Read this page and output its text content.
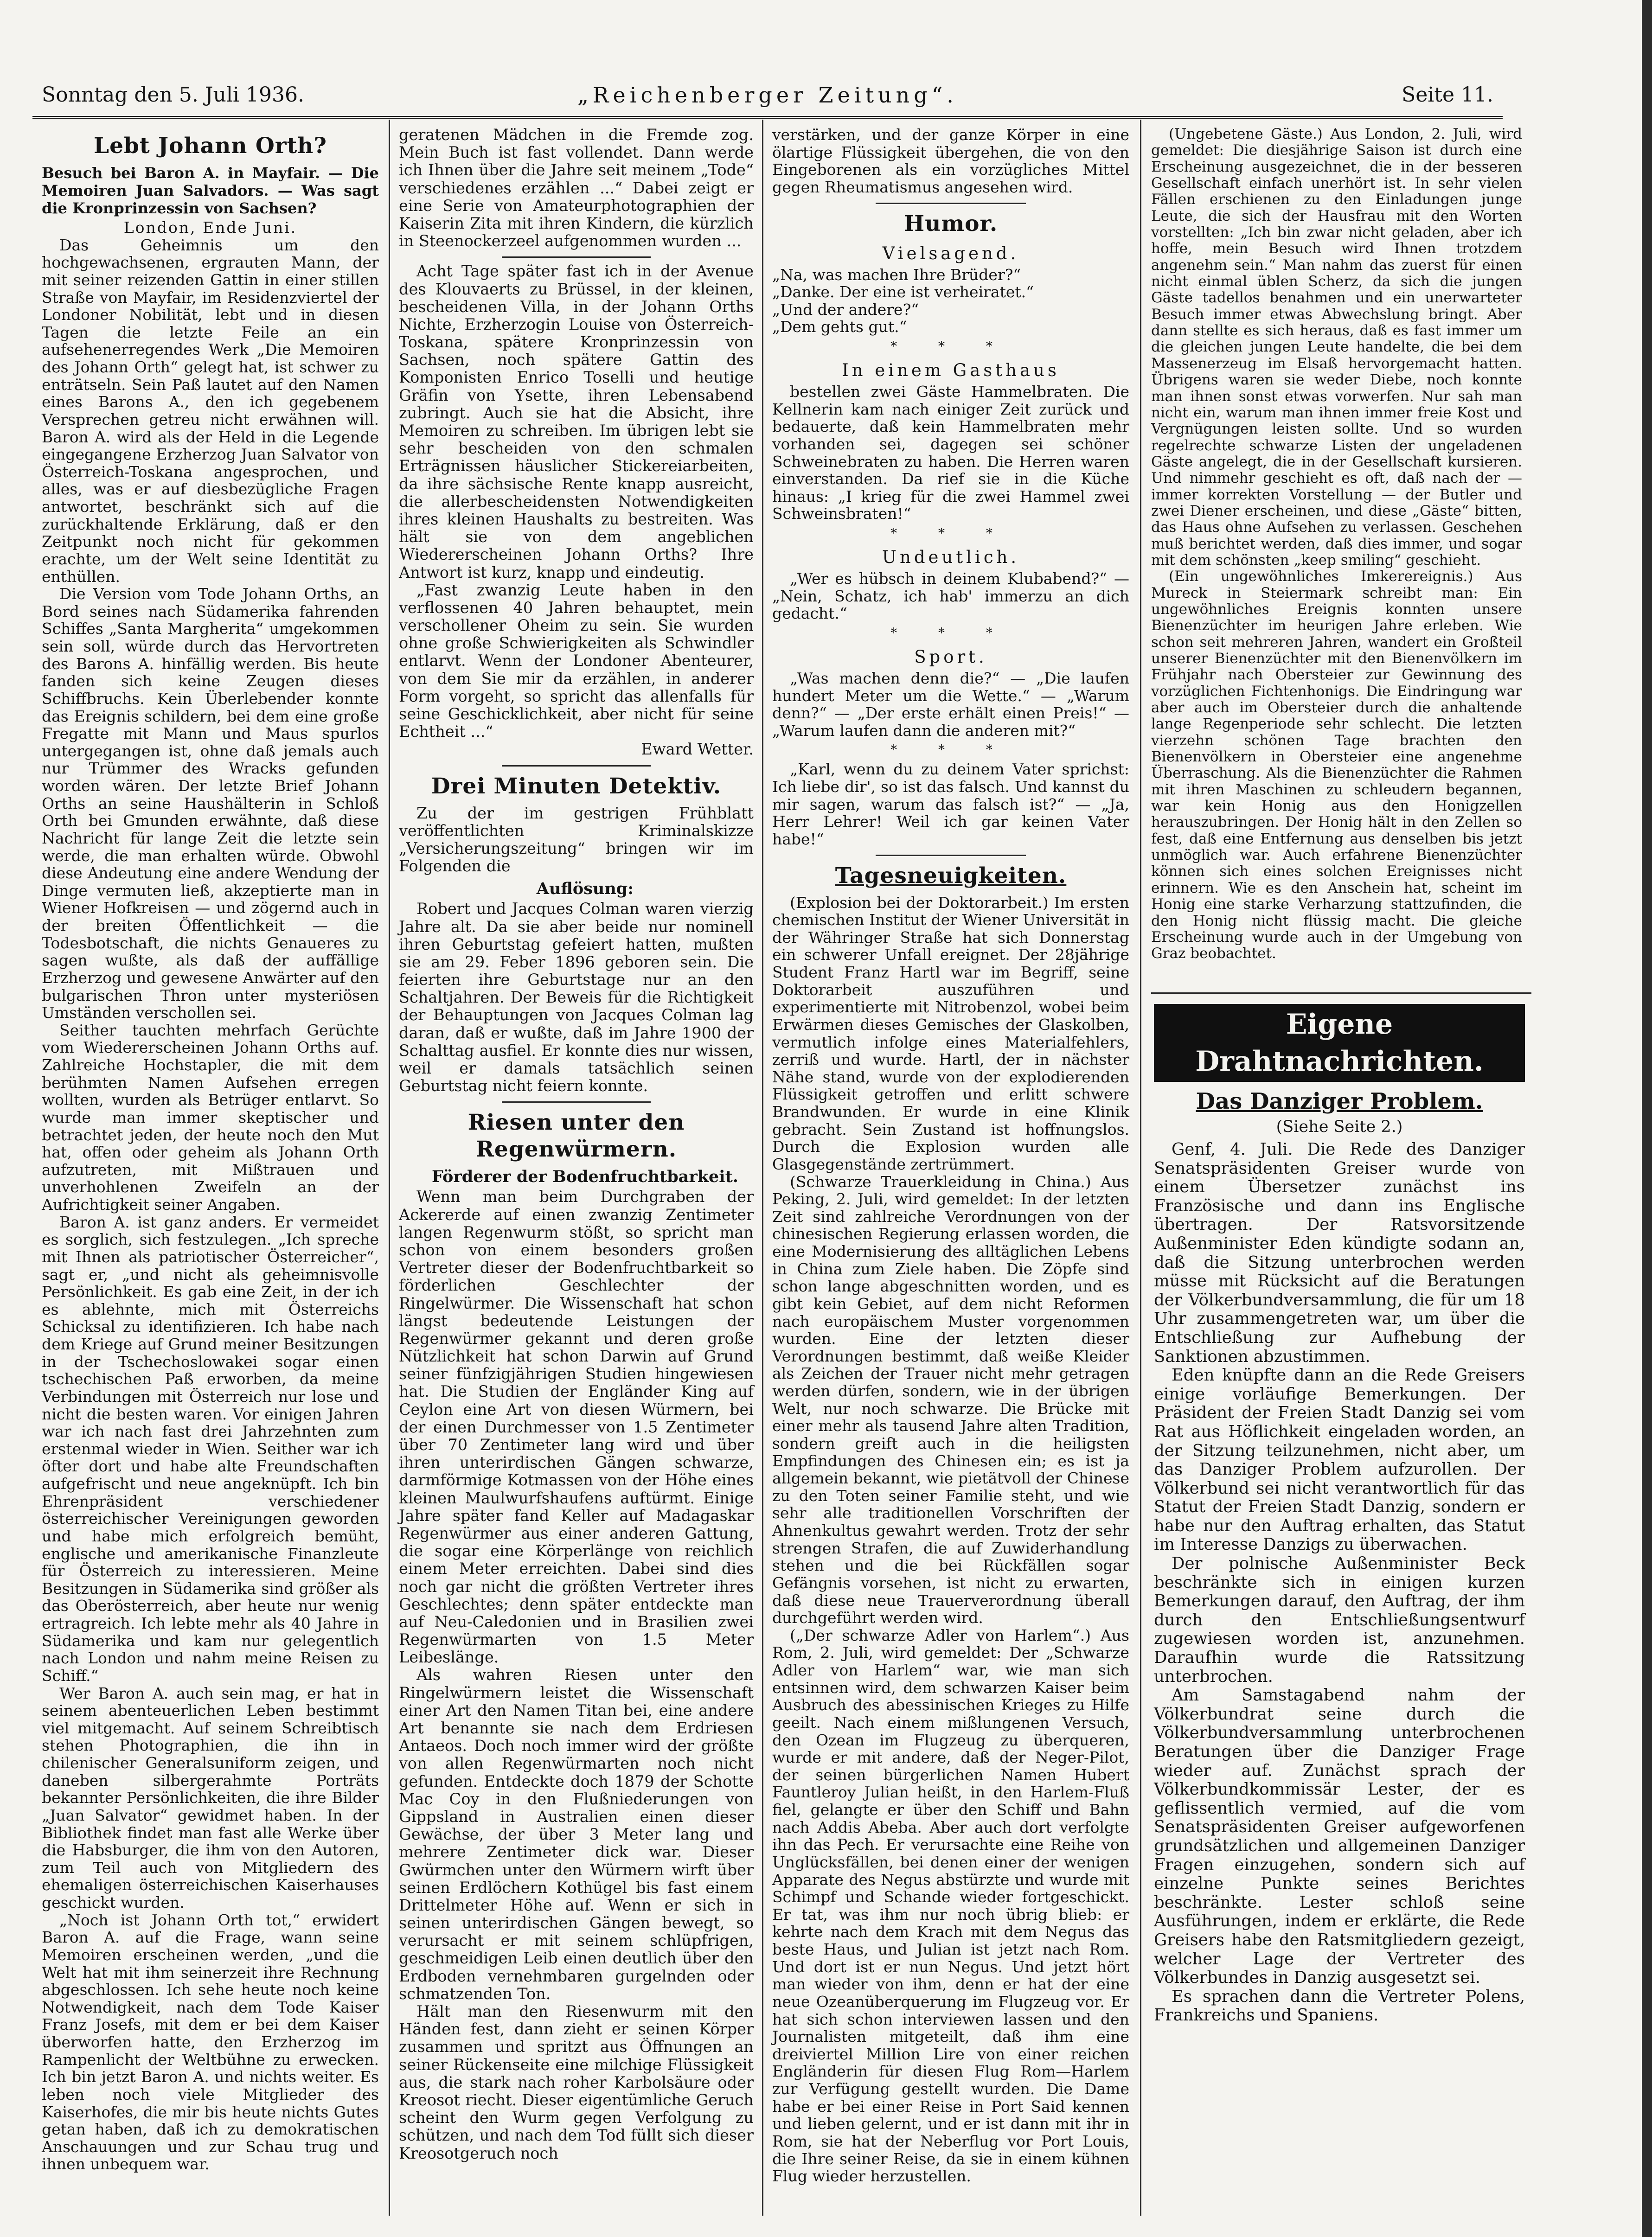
Sonntag den 5. Juli 1936.	„Reichenberger Zeitung“.	Seite 11.
Lebt Johann Orth?

Besuch bei Baron A. in Mayfair. — Die Memoiren Juan Salvadors. — Was sagt die Kronprinzessin von Sachsen?

London, Ende Juni.

Das Geheimnis um den hochgewachsenen, ergrauten Mann, der mit seiner reizenden Gattin in einer stillen Straße von Mayfair, im Residenzviertel der Londoner Nobilität, lebt und in diesen Tagen die letzte Feile an ein aufsehenerregendes Werk „Die Memoiren des Johann Orth“ gelegt hat, ist schwer zu enträtseln. Sein Paß lautet auf den Namen eines Barons A., den ich gegebenem Versprechen getreu nicht erwähnen will. Baron A. wird als der Held in die Legende eingegangene Erzherzog Juan Salvator von Österreich-Toskana angesprochen, und alles, was er auf diesbezügliche Fragen antwortet, beschränkt sich auf die zurückhaltende Erklärung, daß er den Zeitpunkt noch nicht für gekommen erachte, um der Welt seine Identität zu enthüllen.

Die Version vom Tode Johann Orths, an Bord seines nach Südamerika fahrenden Schiffes „Santa Margherita“ umgekommen sein soll, würde durch das Hervortreten des Barons A. hinfällig werden. Bis heute fanden sich keine Zeugen dieses Schiffbruchs. Kein Überlebender konnte das Ereignis schildern, bei dem eine große Fregatte mit Mann und Maus spurlos untergegangen ist, ohne daß jemals auch nur Trümmer des Wracks gefunden worden wären. Der letzte Brief Johann Orths an seine Haushälterin in Schloß Orth bei Gmunden erwähnte, daß diese Nachricht für lange Zeit die letzte sein werde, die man erhalten würde. Obwohl diese Andeutung eine andere Wendung der Dinge vermuten ließ, akzeptierte man in Wiener Hofkreisen — und zögernd auch in der breiten Öffentlichkeit — die Todesbotschaft, die nichts Genaueres zu sagen wußte, als daß der auffällige Erzherzog und gewesene Anwärter auf den bulgarischen Thron unter mysteriösen Umständen verschollen sei.

Seither tauchten mehrfach Gerüchte vom Wiedererscheinen Johann Orths auf. Zahlreiche Hochstapler, die mit dem berühmten Namen Aufsehen erregen wollten, wurden als Betrüger entlarvt. So wurde man immer skeptischer und betrachtet jeden, der heute noch den Mut hat, offen oder geheim als Johann Orth aufzutreten, mit Mißtrauen und unverhohlenen Zweifeln an der Aufrichtigkeit seiner Angaben.

Baron A. ist ganz anders. Er vermeidet es sorglich, sich festzulegen. „Ich spreche mit Ihnen als patriotischer Österreicher“, sagt er, „und nicht als geheimnisvolle Persönlichkeit. Es gab eine Zeit, in der ich es ablehnte, mich mit Österreichs Schicksal zu identifizieren. Ich habe nach dem Kriege auf Grund meiner Besitzungen in der Tschechoslowakei sogar einen tschechischen Paß erworben, da meine Verbindungen mit Österreich nur lose und nicht die besten waren. Vor einigen Jahren war ich nach fast drei Jahrzehnten zum erstenmal wieder in Wien. Seither war ich öfter dort und habe alte Freundschaften aufgefrischt und neue angeknüpft. Ich bin Ehrenpräsident verschiedener österreichischer Vereinigungen geworden und habe mich erfolgreich bemüht, englische und amerikanische Finanzleute für Österreich zu interessieren. Meine Besitzungen in Südamerika sind größer als das Oberösterreich, aber heute nur wenig ertragreich. Ich lebte mehr als 40 Jahre in Südamerika und kam nur gelegentlich nach London und nahm meine Reisen zu Schiff.“

Wer Baron A. auch sein mag, er hat in seinem abenteuerlichen Leben bestimmt viel mitgemacht. Auf seinem Schreibtisch stehen Photographien, die ihn in chilenischer Generalsuniform zeigen, und daneben silbergerahmte Porträts bekannter Persönlichkeiten, die ihre Bilder „Juan Salvator“ gewidmet haben. In der Bibliothek findet man fast alle Werke über die Habsburger, die ihm von den Autoren, zum Teil auch von Mitgliedern des ehemaligen österreichischen Kaiserhauses geschickt wurden.

„Noch ist Johann Orth tot,“ erwidert Baron A. auf die Frage, wann seine Memoiren erscheinen werden, „und die Welt hat mit ihm seinerzeit ihre Rechnung abgeschlossen. Ich sehe heute noch keine Notwendigkeit, nach dem Tode Kaiser Franz Josefs, mit dem er bei dem Kaiser überworfen hatte, den Erzherzog im Rampenlicht der Weltbühne zu erwecken. Ich bin jetzt Baron A. und nichts weiter. Es leben noch viele Mitglieder des Kaiserhofes, die mir bis heute nichts Gutes getan haben, daß ich zu demokratischen Anschauungen und zur Schau trug und ihnen unbequem war.

geratenen Mädchen in die Fremde zog. Mein Buch ist fast vollendet. Dann werde ich Ihnen über die Jahre seit meinem „Tode“ verschiedenes erzählen ...“ Dabei zeigt er eine Serie von Amateurphotographien der Kaiserin Zita mit ihren Kindern, die kürzlich in Steenockerzeel aufgenommen wurden ...

Acht Tage später fast ich in der Avenue des Klouvaerts zu Brüssel, in der kleinen, bescheidenen Villa, in der Johann Orths Nichte, Erzherzogin Louise von Österreich-Toskana, spätere Kronprinzessin von Sachsen, noch spätere Gattin des Komponisten Enrico Toselli und heutige Gräfin von Ysette, ihren Lebensabend zubringt. Auch sie hat die Absicht, ihre Memoiren zu schreiben. Im übrigen lebt sie sehr bescheiden von den schmalen Erträgnissen häuslicher Stickereiarbeiten, da ihre sächsische Rente knapp ausreicht, die allerbescheidensten Notwendigkeiten ihres kleinen Haushalts zu bestreiten. Was hält sie von dem angeblichen Wiedererscheinen Johann Orths? Ihre Antwort ist kurz, knapp und eindeutig.

„Fast zwanzig Leute haben in den verflossenen 40 Jahren behauptet, mein verschollener Oheim zu sein. Sie wurden ohne große Schwierigkeiten als Schwindler entlarvt. Wenn der Londoner Abenteurer, von dem Sie mir da erzählen, in anderer Form vorgeht, so spricht das allenfalls für seine Geschicklichkeit, aber nicht für seine Echtheit ...“

Eward Wetter.

Drei Minuten Detektiv.

Zu der im gestrigen Frühblatt veröffentlichten Kriminalskizze „Versicherungszeitung“ bringen wir im Folgenden die

Auflösung:

Robert und Jacques Colman waren vierzig Jahre alt. Da sie aber beide nur nominell ihren Geburtstag gefeiert hatten, mußten sie am 29. Feber 1896 geboren sein. Die feierten ihre Geburtstage nur an den Schaltjahren. Der Beweis für die Richtigkeit der Behauptungen von Jacques Colman lag daran, daß er wußte, daß im Jahre 1900 der Schalttag ausfiel. Er konnte dies nur wissen, weil er damals tatsächlich seinen Geburtstag nicht feiern konnte.

Riesen unter den Regenwürmern.

Förderer der Bodenfruchtbarkeit.

Wenn man beim Durchgraben der Ackererde auf einen zwanzig Zentimeter langen Regenwurm stößt, so spricht man schon von einem besonders großen Vertreter dieser der Bodenfruchtbarkeit so förderlichen Geschlechter der Ringelwürmer. Die Wissenschaft hat schon längst bedeutende Leistungen der Regenwürmer gekannt und deren große Nützlichkeit hat schon Darwin auf Grund seiner fünfzigjährigen Studien hingewiesen hat. Die Studien der Engländer King auf Ceylon eine Art von diesen Würmern, bei der einen Durchmesser von 1.5 Zentimeter über 70 Zentimeter lang wird und über ihren unterirdischen Gängen schwarze, darmförmige Kotmassen von der Höhe eines kleinen Maulwurfshaufens auftürmt. Einige Jahre später fand Keller auf Madagaskar Regenwürmer aus einer anderen Gattung, die sogar eine Körperlänge von reichlich einem Meter erreichten. Dabei sind dies noch gar nicht die größten Vertreter ihres Geschlechtes; denn später entdeckte man auf Neu-Caledonien und in Brasilien zwei Regenwürmarten von 1.5 Meter Leibeslänge.

Als wahren Riesen unter den Ringelwürmern leistet die Wissenschaft einer Art den Namen Titan bei, eine andere Art benannte sie nach dem Erdriesen Antaeos. Doch noch immer wird der größte von allen Regenwürmarten noch nicht gefunden. Entdeckte doch 1879 der Schotte Mac Coy in den Flußniederungen von Gippsland in Australien einen dieser Gewächse, der über 3 Meter lang und mehrere Zentimeter dick war. Dieser Gwürmchen unter den Würmern wirft über seinen Erdlöchern Kothügel bis fast einem Drittelmeter Höhe auf. Wenn er sich in seinen unterirdischen Gängen bewegt, so verursacht er mit seinem schlüpfrigen, geschmeidigen Leib einen deutlich über den Erdboden vernehmbaren gurgelnden oder schmatzenden Ton.

Hält man den Riesenwurm mit den Händen fest, dann zieht er seinen Körper zusammen und spritzt aus Öffnungen an seiner Rückenseite eine milchige Flüssigkeit aus, die stark nach roher Karbolsäure oder Kreosot riecht. Dieser eigentümliche Geruch scheint den Wurm gegen Verfolgung zu schützen, und nach dem Tod füllt sich dieser Kreosotgeruch noch

verstärken, und der ganze Körper in eine ölartige Flüssigkeit übergehen, die von den Eingeborenen als ein vorzügliches Mittel gegen Rheumatismus angesehen wird.

Humor.
Vielsagend.

„Na, was machen Ihre Brüder?“

„Danke. Der eine ist verheiratet.“

„Und der andere?“

„Dem gehts gut.“

* * *
In einem Gasthaus

bestellen zwei Gäste Hammelbraten. Die Kellnerin kam nach einiger Zeit zurück und bedauerte, daß kein Hammelbraten mehr vorhanden sei, dagegen sei schöner Schweinebraten zu haben. Die Herren waren einverstanden. Da rief sie in die Küche hinaus: „I krieg für die zwei Hammel zwei Schweinsbraten!“

* * *
Undeutlich.

„Wer es hübsch in deinem Klubabend?“ — „Nein, Schatz, ich hab' immerzu an dich gedacht.“

* * *
Sport.

„Was machen denn die?“ — „Die laufen hundert Meter um die Wette.“ — „Warum denn?“ — „Der erste erhält einen Preis!“ — „Warum laufen dann die anderen mit?“

* * *

„Karl, wenn du zu deinem Vater sprichst: Ich liebe dir', so ist das falsch. Und kannst du mir sagen, warum das falsch ist?“ — „Ja, Herr Lehrer! Weil ich gar keinen Vater habe!“

Tagesneuigkeiten.

(Explosion bei der Doktorarbeit.) Im ersten chemischen Institut der Wiener Universität in der Währinger Straße hat sich Donnerstag ein schwerer Unfall ereignet. Der 28jährige Student Franz Hartl war im Begriff, seine Doktorarbeit auszuführen und experimentierte mit Nitrobenzol, wobei beim Erwärmen dieses Gemisches der Glaskolben, vermutlich infolge eines Materialfehlers, zerriß und wurde. Hartl, der in nächster Nähe stand, wurde von der explodierenden Flüssigkeit getroffen und erlitt schwere Brandwunden. Er wurde in eine Klinik gebracht. Sein Zustand ist hoffnungslos. Durch die Explosion wurden alle Glasgegenstände zertrümmert.

(Schwarze Trauerkleidung in China.) Aus Peking, 2. Juli, wird gemeldet: In der letzten Zeit sind zahlreiche Verordnungen von der chinesischen Regierung erlassen worden, die eine Modernisierung des alltäglichen Lebens in China zum Ziele haben. Die Zöpfe sind schon lange abgeschnitten worden, und es gibt kein Gebiet, auf dem nicht Reformen nach europäischem Muster vorgenommen wurden. Eine der letzten dieser Verordnungen bestimmt, daß weiße Kleider als Zeichen der Trauer nicht mehr getragen werden dürfen, sondern, wie in der übrigen Welt, nur noch schwarze. Die Brücke mit einer mehr als tausend Jahre alten Tradition, sondern greift auch in die heiligsten Empfindungen des Chinesen ein; es ist ja allgemein bekannt, wie pietätvoll der Chinese zu den Toten seiner Familie steht, und wie sehr alle traditionellen Vorschriften der Ahnenkultus gewahrt werden. Trotz der sehr strengen Strafen, die auf Zuwiderhandlung stehen und die bei Rückfällen sogar Gefängnis vorsehen, ist nicht zu erwarten, daß diese neue Trauerverordnung überall durchgeführt werden wird.

(„Der schwarze Adler von Harlem“.) Aus Rom, 2. Juli, wird gemeldet: Der „Schwarze Adler von Harlem“ war, wie man sich entsinnen wird, dem schwarzen Kaiser beim Ausbruch des abessinischen Krieges zu Hilfe geeilt. Nach einem mißlungenen Versuch, den Ozean im Flugzeug zu überqueren, wurde er mit andere, daß der Neger-Pilot, der seinen bürgerlichen Namen Hubert Fauntleroy Julian heißt, in den Harlem-Fluß fiel, gelangte er über den Schiff und Bahn nach Addis Abeba. Aber auch dort verfolgte ihn das Pech. Er verursachte eine Reihe von Unglücksfällen, bei denen einer der wenigen Apparate des Negus abstürzte und wurde mit Schimpf und Schande wieder fortgeschickt. Er tat, was ihm nur noch übrig blieb: er kehrte nach dem Krach mit dem Negus das beste Haus, und Julian ist jetzt nach Rom. Und dort ist er nun Negus. Und jetzt hört man wieder von ihm, denn er hat der eine neue Ozeanüberquerung im Flugzeug vor. Er hat sich schon interviewen lassen und den Journalisten mitgeteilt, daß ihm eine dreiviertel Million Lire von einer reichen Engländerin für diesen Flug Rom—Harlem zur Verfügung gestellt wurden. Die Dame habe er bei einer Reise in Port Said kennen und lieben gelernt, und er ist dann mit ihr in Rom, sie hat der Neberflug vor Port Louis, die Ihre seiner Reise, da sie in einem kühnen Flug wieder herzustellen.

(Ungebetene Gäste.) Aus London, 2. Juli, wird gemeldet: Die diesjährige Saison ist durch eine Erscheinung ausgezeichnet, die in der besseren Gesellschaft einfach unerhört ist. In sehr vielen Fällen erschienen zu den Einladungen junge Leute, die sich der Hausfrau mit den Worten vorstellten: „Ich bin zwar nicht geladen, aber ich hoffe, mein Besuch wird Ihnen trotzdem angenehm sein.“ Man nahm das zuerst für einen nicht einmal üblen Scherz, da sich die jungen Gäste tadellos benahmen und ein unerwarteter Besuch immer etwas Abwechslung bringt. Aber dann stellte es sich heraus, daß es fast immer um die gleichen jungen Leute handelte, die bei dem Massenerzeug im Elsaß hervorgemacht hatten. Übrigens waren sie weder Diebe, noch konnte man ihnen sonst etwas vorwerfen. Nur sah man nicht ein, warum man ihnen immer freie Kost und Vergnügungen leisten sollte. Und so wurden regelrechte schwarze Listen der ungeladenen Gäste angelegt, die in der Gesellschaft kursieren. Und nimmehr geschieht es oft, daß nach der — immer korrekten Vorstellung — der Butler und zwei Diener erscheinen, und diese „Gäste“ bitten, das Haus ohne Aufsehen zu verlassen. Geschehen muß berichtet werden, daß dies immer, und sogar mit dem schönsten „keep smiling“ geschieht.

(Ein ungewöhnliches Imkerereignis.) Aus Mureck in Steiermark schreibt man: Ein ungewöhnliches Ereignis konnten unsere Bienenzüchter im heurigen Jahre erleben. Wie schon seit mehreren Jahren, wandert ein Großteil unserer Bienenzüchter mit den Bienenvölkern im Frühjahr nach Obersteier zur Gewinnung des vorzüglichen Fichtenhonigs. Die Eindringung war aber auch im Obersteier durch die anhaltende lange Regenperiode sehr schlecht. Die letzten vierzehn schönen Tage brachten den Bienenvölkern in Obersteier eine angenehme Überraschung. Als die Bienenzüchter die Rahmen mit ihren Maschinen zu schleudern begannen, war kein Honig aus den Honigzellen herauszubringen. Der Honig hält in den Zellen so fest, daß eine Entfernung aus denselben bis jetzt unmöglich war. Auch erfahrene Bienenzüchter können sich eines solchen Ereignisses nicht erinnern. Wie es den Anschein hat, scheint im Honig eine starke Verharzung stattzufinden, die den Honig nicht flüssig macht. Die gleiche Erscheinung wurde auch in der Umgebung von Graz beobachtet.

Eigene Drahtnachrichten.
Das Danziger Problem.
(Siehe Seite 2.)

Genf, 4. Juli. Die Rede des Danziger Senatspräsidenten Greiser wurde von einem Übersetzer zunächst ins Französische und dann ins Englische übertragen. Der Ratsvorsitzende Außenminister Eden kündigte sodann an, daß die Sitzung unterbrochen werden müsse mit Rücksicht auf die Beratungen der Völkerbundversammlung, die für um 18 Uhr zusammengetreten war, um über die Entschließung zur Aufhebung der Sanktionen abzustimmen.

Eden knüpfte dann an die Rede Greisers einige vorläufige Bemerkungen. Der Präsident der Freien Stadt Danzig sei vom Rat aus Höflichkeit eingeladen worden, an der Sitzung teilzunehmen, nicht aber, um das Danziger Problem aufzurollen. Der Völkerbund sei nicht verantwortlich für das Statut der Freien Stadt Danzig, sondern er habe nur den Auftrag erhalten, das Statut im Interesse Danzigs zu überwachen.

Der polnische Außenminister Beck beschränkte sich in einigen kurzen Bemerkungen darauf, den Auftrag, der ihm durch den Entschließungsentwurf zugewiesen worden ist, anzunehmen. Daraufhin wurde die Ratssitzung unterbrochen.

Am Samstagabend nahm der Völkerbundrat seine durch die Völkerbundversammlung unterbrochenen Beratungen über die Danziger Frage wieder auf. Zunächst sprach der Völkerbundkommissär Lester, der es geflissentlich vermied, auf die vom Senatspräsidenten Greiser aufgeworfenen grundsätzlichen und allgemeinen Danziger Fragen einzugehen, sondern sich auf einzelne Punkte seines Berichtes beschränkte. Lester schloß seine Ausführungen, indem er erklärte, die Rede Greisers habe den Ratsmitgliedern gezeigt, welcher Lage der Vertreter des Völkerbundes in Danzig ausgesetzt sei.

Es sprachen dann die Vertreter Polens, Frankreichs und Spaniens.
